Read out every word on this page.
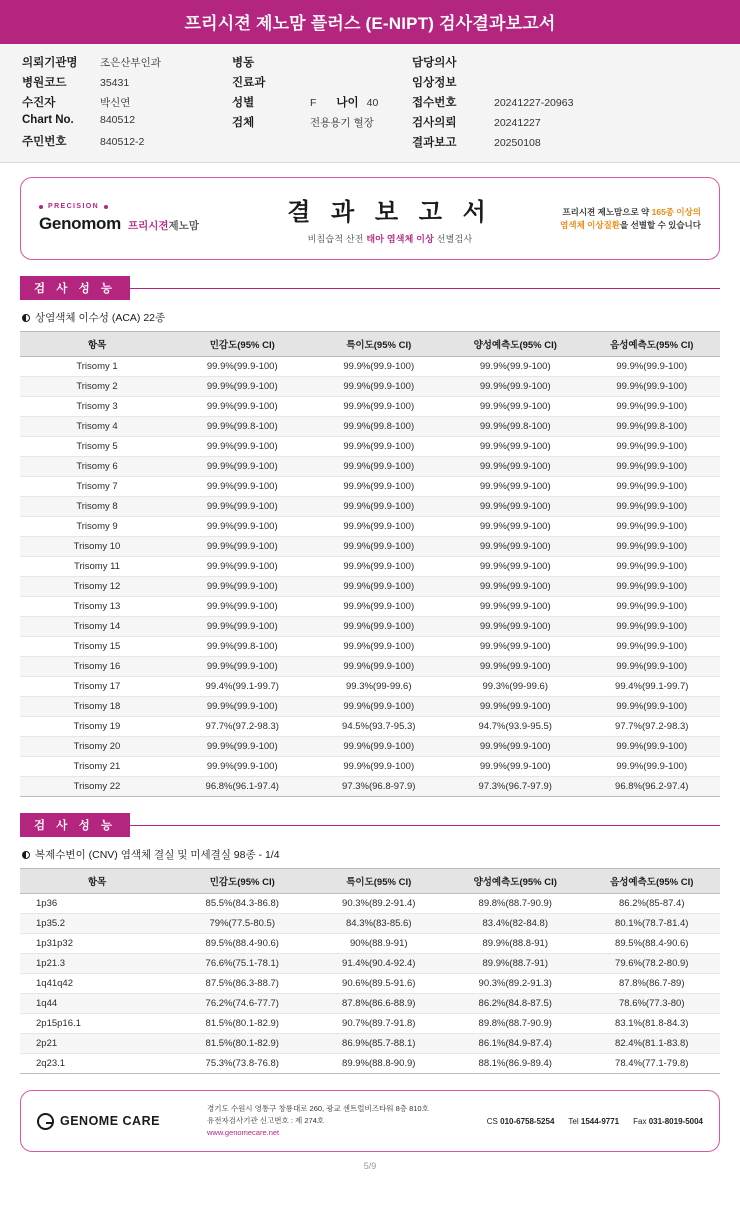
프리시젼 제노맘 플러스 (E-NIPT) 검사결과보고서
의뢰기관명	조은산부인과
병원코드	35431
수진자	박신연
Chart No.	840512
주민번호	840512-2
병동
진료과
성별	F 나이 40
검체	전용용기 혈장
담당의사
임상정보
접수번호	20241227-20963
검사의뢰	20241227
결과보고	20250108
PRECISION
Genomom 프리시젼제노맘	결 과 보 고 서
비침습적 산전 태아 염색체 이상 선별검사
프리시젼 제노맘으로 약 165종 이상의
염색체 이상질환을 선별할 수 있습니다
검 사 성 능
상염색체 이수성 (ACA) 22종
항목	민감도(95% CI)	특이도(95% CI)	양성예측도(95% CI)	음성예측도(95% CI)
Trisomy 1	99.9%(99.9-100)	99.9%(99.9-100)	99.9%(99.9-100)	99.9%(99.9-100)
Trisomy 2	99.9%(99.9-100)	99.9%(99.9-100)	99.9%(99.9-100)	99.9%(99.9-100)
Trisomy 3	99.9%(99.9-100)	99.9%(99.9-100)	99.9%(99.9-100)	99.9%(99.9-100)
Trisomy 4	99.9%(99.8-100)	99.9%(99.8-100)	99.9%(99.8-100)	99.9%(99.8-100)
Trisomy 5	99.9%(99.9-100)	99.9%(99.9-100)	99.9%(99.9-100)	99.9%(99.9-100)
Trisomy 6	99.9%(99.9-100)	99.9%(99.9-100)	99.9%(99.9-100)	99.9%(99.9-100)
Trisomy 7	99.9%(99.9-100)	99.9%(99.9-100)	99.9%(99.9-100)	99.9%(99.9-100)
Trisomy 8	99.9%(99.9-100)	99.9%(99.9-100)	99.9%(99.9-100)	99.9%(99.9-100)
Trisomy 9	99.9%(99.9-100)	99.9%(99.9-100)	99.9%(99.9-100)	99.9%(99.9-100)
Trisomy 10	99.9%(99.9-100)	99.9%(99.9-100)	99.9%(99.9-100)	99.9%(99.9-100)
Trisomy 11	99.9%(99.9-100)	99.9%(99.9-100)	99.9%(99.9-100)	99.9%(99.9-100)
Trisomy 12	99.9%(99.9-100)	99.9%(99.9-100)	99.9%(99.9-100)	99.9%(99.9-100)
Trisomy 13	99.9%(99.9-100)	99.9%(99.9-100)	99.9%(99.9-100)	99.9%(99.9-100)
Trisomy 14	99.9%(99.9-100)	99.9%(99.9-100)	99.9%(99.9-100)	99.9%(99.9-100)
Trisomy 15	99.9%(99.8-100)	99.9%(99.9-100)	99.9%(99.9-100)	99.9%(99.9-100)
Trisomy 16	99.9%(99.9-100)	99.9%(99.9-100)	99.9%(99.9-100)	99.9%(99.9-100)
Trisomy 17	99.4%(99.1-99.7)	99.3%(99-99.6)	99.3%(99-99.6)	99.4%(99.1-99.7)
Trisomy 18	99.9%(99.9-100)	99.9%(99.9-100)	99.9%(99.9-100)	99.9%(99.9-100)
Trisomy 19	97.7%(97.2-98.3)	94.5%(93.7-95.3)	94.7%(93.9-95.5)	97.7%(97.2-98.3)
Trisomy 20	99.9%(99.9-100)	99.9%(99.9-100)	99.9%(99.9-100)	99.9%(99.9-100)
Trisomy 21	99.9%(99.9-100)	99.9%(99.9-100)	99.9%(99.9-100)	99.9%(99.9-100)
Trisomy 22	96.8%(96.1-97.4)	97.3%(96.8-97.9)	97.3%(96.7-97.9)	96.8%(96.2-97.4)
검 사 성 능
복제수변이 (CNV) 염색체 결실 및 미세결실 98종 - 1/4
항목	민감도(95% CI)	특이도(95% CI)	양성예측도(95% CI)	음성예측도(95% CI)
1p36	85.5%(84.3-86.8)	90.3%(89.2-91.4)	89.8%(88.7-90.9)	86.2%(85-87.4)
1p35.2	79%(77.5-80.5)	84.3%(83-85.6)	83.4%(82-84.8)	80.1%(78.7-81.4)
1p31p32	89.5%(88.4-90.6)	90%(88.9-91)	89.9%(88.8-91)	89.5%(88.4-90.6)
1p21.3	76.6%(75.1-78.1)	91.4%(90.4-92.4)	89.9%(88.7-91)	79.6%(78.2-80.9)
1q41q42	87.5%(86.3-88.7)	90.6%(89.5-91.6)	90.3%(89.2-91.3)	87.8%(86.7-89)
1q44	76.2%(74.6-77.7)	87.8%(86.6-88.9)	86.2%(84.8-87.5)	78.6%(77.3-80)
2p15p16.1	81.5%(80.1-82.9)	90.7%(89.7-91.8)	89.8%(88.7-90.9)	83.1%(81.8-84.3)
2p21	81.5%(80.1-82.9)	86.9%(85.7-88.1)	86.1%(84.9-87.4)	82.4%(81.1-83.8)
2q23.1	75.3%(73.8-76.8)	89.9%(88.8-90.9)	88.1%(86.9-89.4)	78.4%(77.1-79.8)
GENOME CARE
경기도 수원시 영통구 창룡대로 260, 광교 센트럴비즈타워 8층 810호
유전자검사기관 신고번호 : 제 274호
www.genomecare.net
CS 010-6758-5254 Tel 1544-9771 Fax 031-8019-5004
5/9
